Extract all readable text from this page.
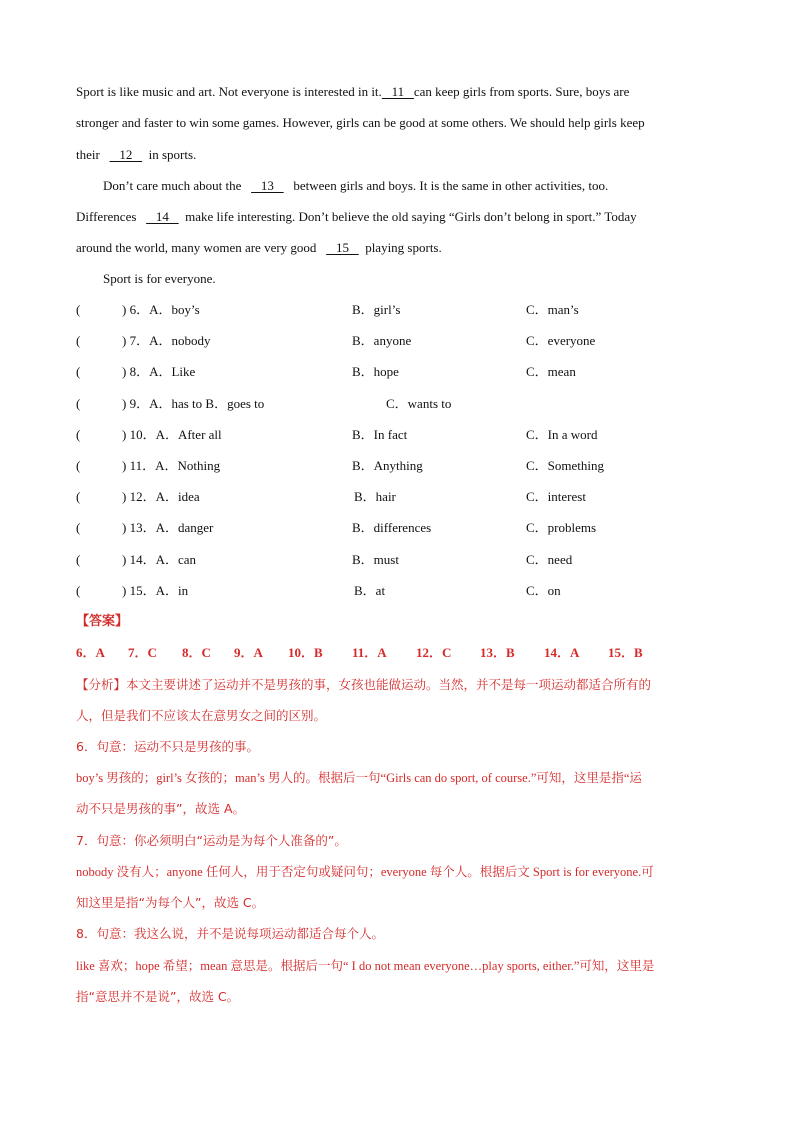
Sport is like music and art. Not everyone is interested in it.   11   can keep girls from sports. Sure, boys are
stronger and faster to win some games. However, girls can be good at some others. We should help girls keep
their      12     in sports.
Don’t care much about the      13      between girls and boys. It is the same in other activities, too.
Differences      14     make life interesting. Don’t believe the old saying “Girls don’t belong in sport.” Today
around the world, many women are very good      15     playing sports.
Sport is for everyone.
(	) 6．A．boy’s	B．girl’s	C．man’s
(	) 7．A．nobody	B．anyone	C．everyone
(	) 8．A．Like	B．hope	C．mean
(	) 9．A．has to B．goes to	C．wants to
(	) 10．A．After all	B．In fact	C．In a word
(	) 11．A．Nothing	B．Anything	C．Something
(	) 12．A．idea	B．hair	C．interest
(	) 13．A．danger	B．differences	C．problems
(	) 14．A．can	B．must	C．need
(	) 15．A．in	B．at	C．on
【答案】
6．A 7．C 8．C 9．A 10．B 11．A 12．C 13．B 14．A 15．B
【分析】本文主要讲述了运动并不是男孩的事，女孩也能做运动。当然，并不是每一项运动都适合所有的
人，但是我们不应该太在意男女之间的区别。
6．句意：运动不只是男孩的事。
boy’s 男孩的；girl’s 女孩的；man’s 男人的。根据后一句“Girls can do sport, of course.”可知，这里是指“运
动不只是男孩的事”，故选 A。
7．句意：你必须明白“运动是为每个人准备的”。
nobody 没有人；anyone 任何人，用于否定句或疑问句；everyone 每个人。根据后文 Sport is for everyone.可
知这里是指“为每个人”，故选 C。
8．句意：我这么说，并不是说每项运动都适合每个人。
like 喜欢；hope 希望；mean 意思是。根据后一句“ I do not mean everyone…play sports, either.”可知，这里是
指“意思并不是说”，故选 C。
